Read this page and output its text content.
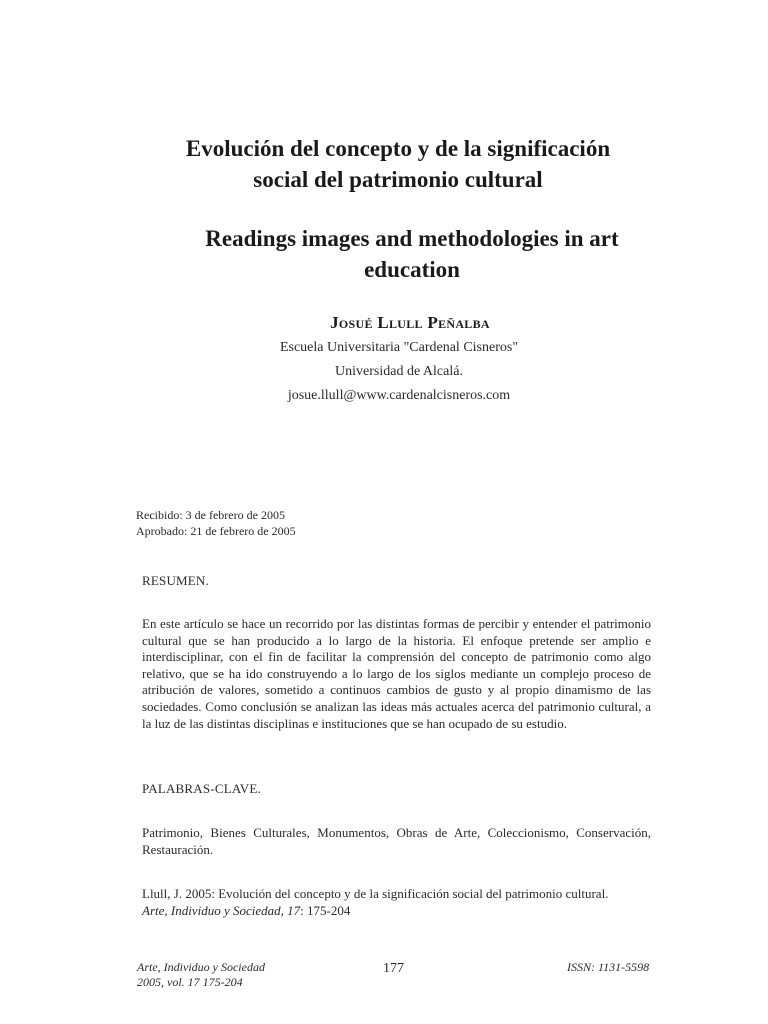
Evolución del concepto y de la significación
social del patrimonio cultural
Readings images and methodologies in art
education
Josué Llull Peñalba
Escuela Universitaria "Cardenal Cisneros"
Universidad de Alcalá.
josue.llull@www.cardenalcisneros.com
Recibido: 3 de febrero de 2005
Aprobado: 21 de febrero de 2005
RESUMEN.
En este artículo se hace un recorrido por las distintas formas de percibir y entender el patrimonio cultural que se han producido a lo largo de la historia. El enfoque pretende ser amplio e interdisciplinar, con el fin de facilitar la comprensión del concepto de patrimonio como algo relativo, que se ha ido construyendo a lo largo de los siglos mediante un complejo proceso de atribución de valores, sometido a continuos cambios de gusto y al propio dinamismo de las sociedades. Como conclusión se analizan las ideas más actuales acerca del patrimonio cultural, a la luz de las distintas disciplinas e instituciones que se han ocupado de su estudio.
PALABRAS-CLAVE.
Patrimonio, Bienes Culturales, Monumentos, Obras de Arte, Coleccionismo, Conservación, Restauración.
Llull, J. 2005: Evolución del concepto y de la significación social del patrimonio cultural.
Arte, Individuo y Sociedad, 17: 175-204
Arte, Individuo y Sociedad
2005, vol. 17 175-204
177	ISSN: 1131-5598
